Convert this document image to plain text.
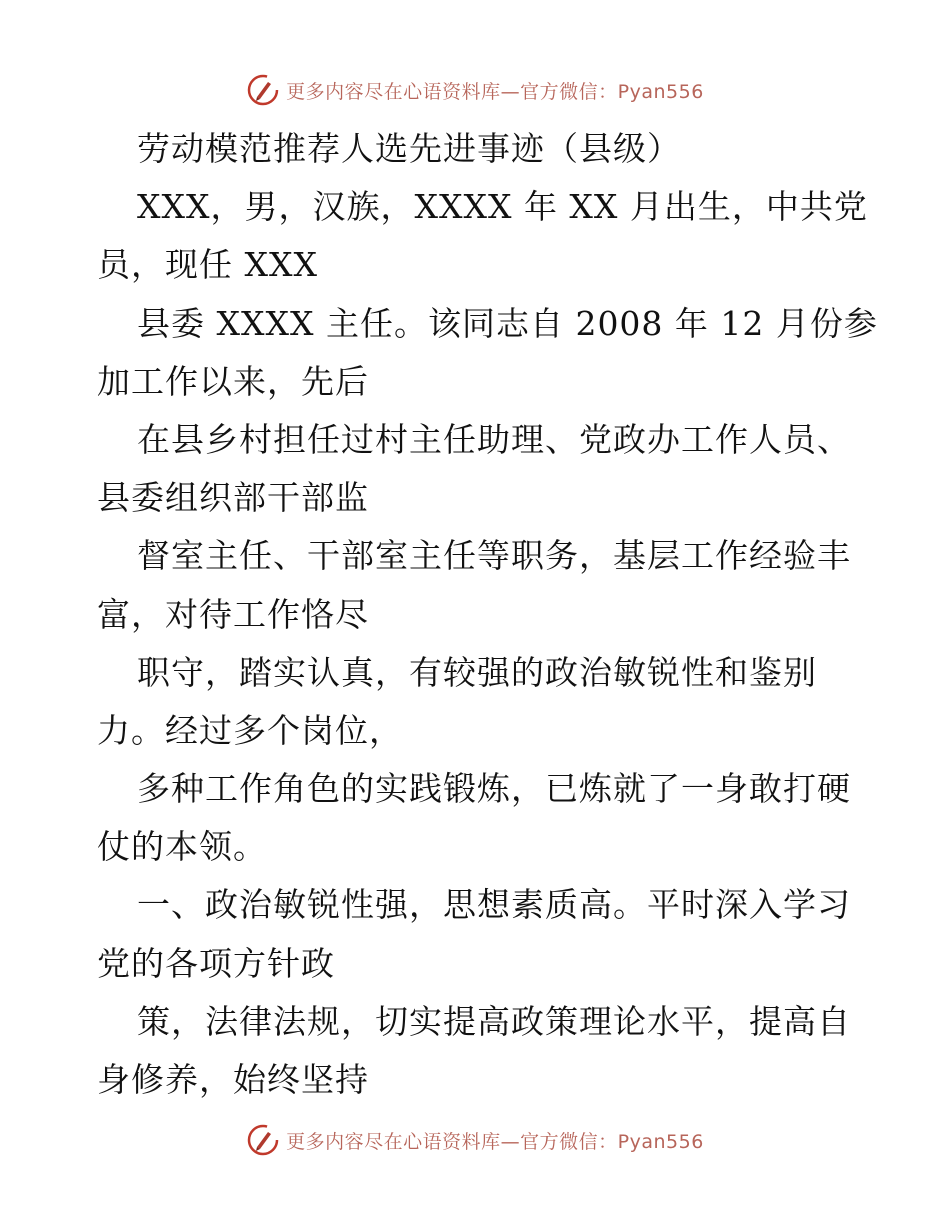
更多内容尽在心语资料库—官方微信：Pyan556
劳动模范推荐人选先进事迹（县级）
XXX，男，汉族，XXXX 年 XX 月出生，中共党
员，现任 XXX
县委 XXXX 主任。该同志自 2008 年 12 月份参
加工作以来，先后
在县乡村担任过村主任助理、党政办工作人员、
县委组织部干部监
督室主任、干部室主任等职务，基层工作经验丰
富，对待工作恪尽
职守，踏实认真，有较强的政治敏锐性和鉴别
力。经过多个岗位，
多种工作角色的实践锻炼，已炼就了一身敢打硬
仗的本领。
一、政治敏锐性强，思想素质高。平时深入学习
党的各项方针政
策，法律法规，切实提高政策理论水平，提高自
身修养，始终坚持
更多内容尽在心语资料库—官方微信：Pyan556
